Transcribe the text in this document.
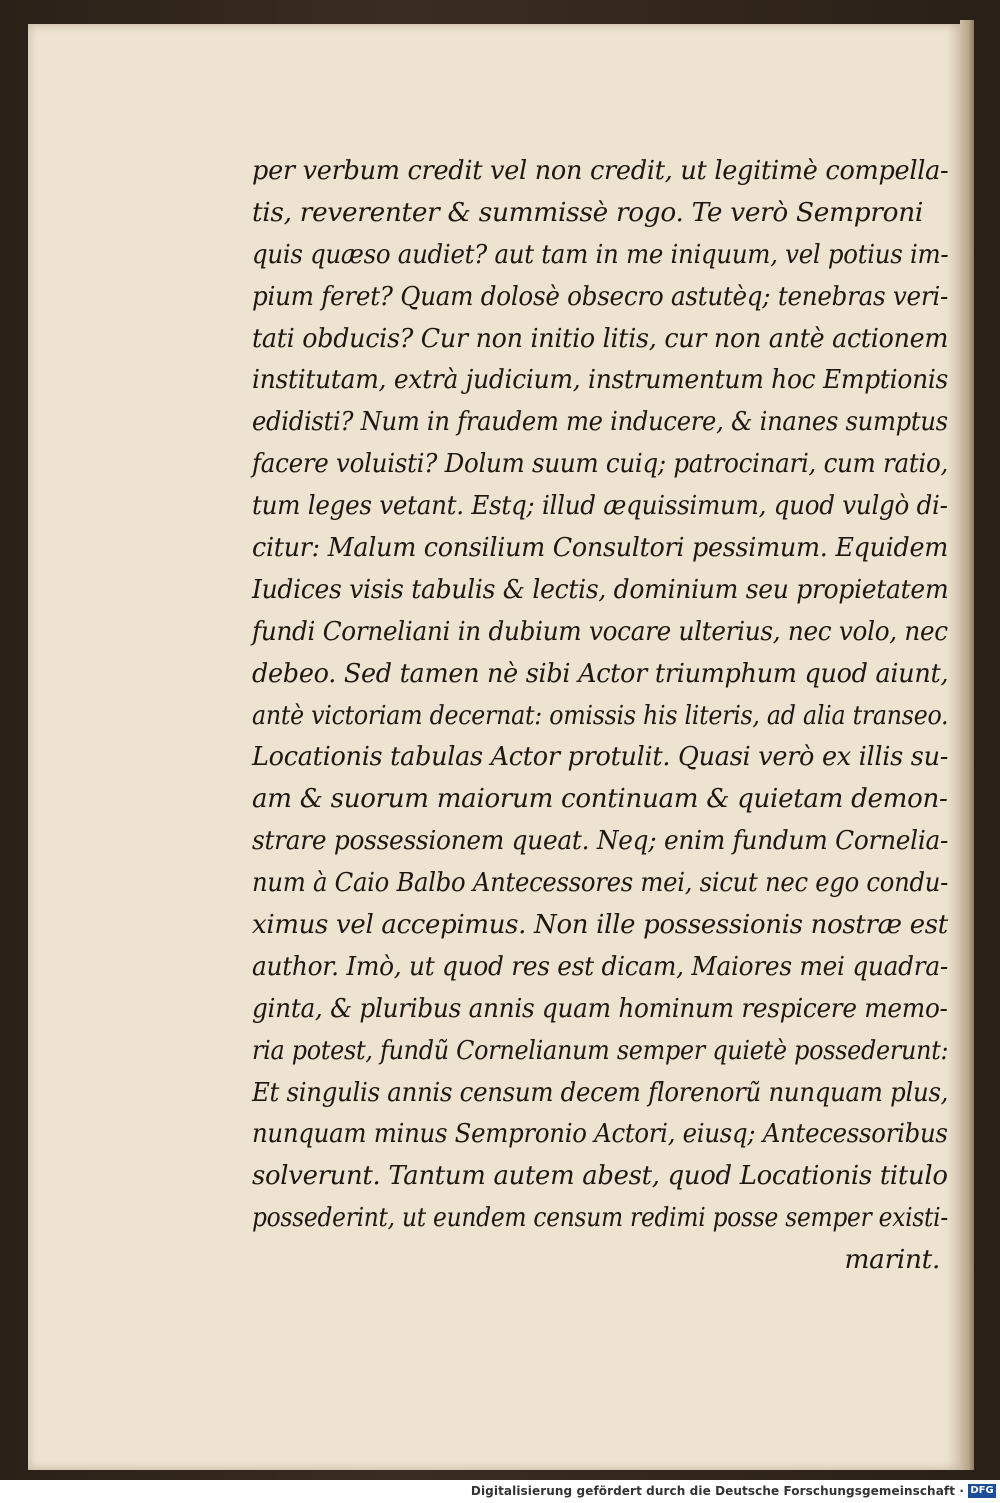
per verbum credit vel non credit, ut legitimè compella-
tis, reverenter & summissè rogo. Te verò Semproni
quis quæso audiet? aut tam in me iniquum, vel potius im-
pium feret? Quam dolosè obsecro astutèq; tenebras veri-
tati obducis? Cur non initio litis, cur non antè actionem
institutam, extrà judicium, instrumentum hoc Emptionis
edidisti? Num in fraudem me inducere, & inanes sumptus
facere voluisti? Dolum suum cuiq; patrocinari, cum ratio,
tum leges vetant. Estq; illud æquissimum, quod vulgò di-
citur: Malum consilium Consultori pessimum. Equidem
Iudices visis tabulis & lectis, dominium seu propietatem
fundi Corneliani in dubium vocare ulterius, nec volo, nec
debeo. Sed tamen nè sibi Actor triumphum quod aiunt,
antè victoriam decernat: omissis his literis, ad alia transeo.
Locationis tabulas Actor protulit. Quasi verò ex illis su-
am & suorum maiorum continuam & quietam demon-
strare possessionem queat. Neq; enim fundum Cornelia-
num à Caio Balbo Antecessores mei, sicut nec ego condu-
ximus vel accepimus. Non ille possessionis nostræ est
author. Imò, ut quod res est dicam, Maiores mei quadra-
ginta, & pluribus annis quam hominum respicere memo-
ria potest, fundũ Cornelianum semper quietè possederunt:
Et singulis annis censum decem florenorũ nunquam plus,
nunquam minus Sempronio Actori, eiusq; Antecessoribus
solverunt. Tantum autem abest, quod Locationis titulo
possederint, ut eundem censum redimi posse semper existi-
marint.
Digitalisierung gefördert durch die Deutsche Forschungsgemeinschaft · DFG
